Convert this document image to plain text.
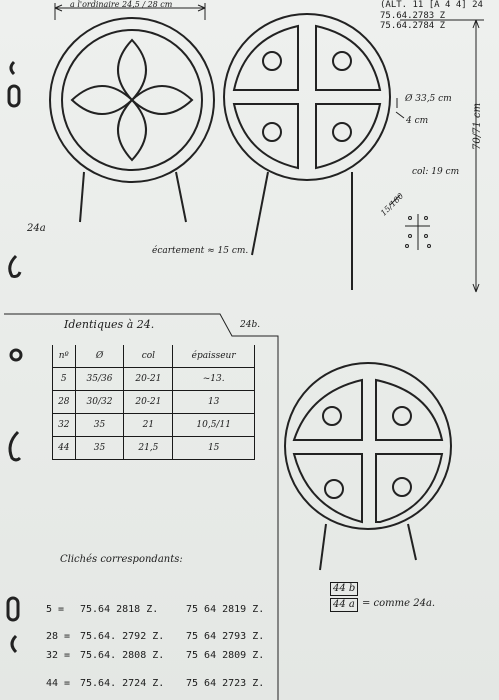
a l'ordinaire 24,5 / 28 cm	(ALT. 11 [A 4 4] 24
75.64.2783 Z
75.64.2784 Z
Ø 33,5 cm
4 cm
col: 19 cm
70/71 cm
15/180
écartement ≈ 15 cm.
24a
Identiques à 24.	24b.
nº	Ø	col	épaisseur
5	35/36	20-21	~13.
28	30/32	20-21	13
32	35	21	10,5/11
44	35	21,5	15
Clichés correspondants:
44 b
44 a = comme 24a.
5 = 75.64 2818 Z.	75 64 2819 Z.
28 = 75.64. 2792 Z. 75 64 2793 Z.
32 = 75.64. 2808 Z. 75 64 2809 Z.
44 = 75.64. 2724 Z. 75 64 2723 Z.
